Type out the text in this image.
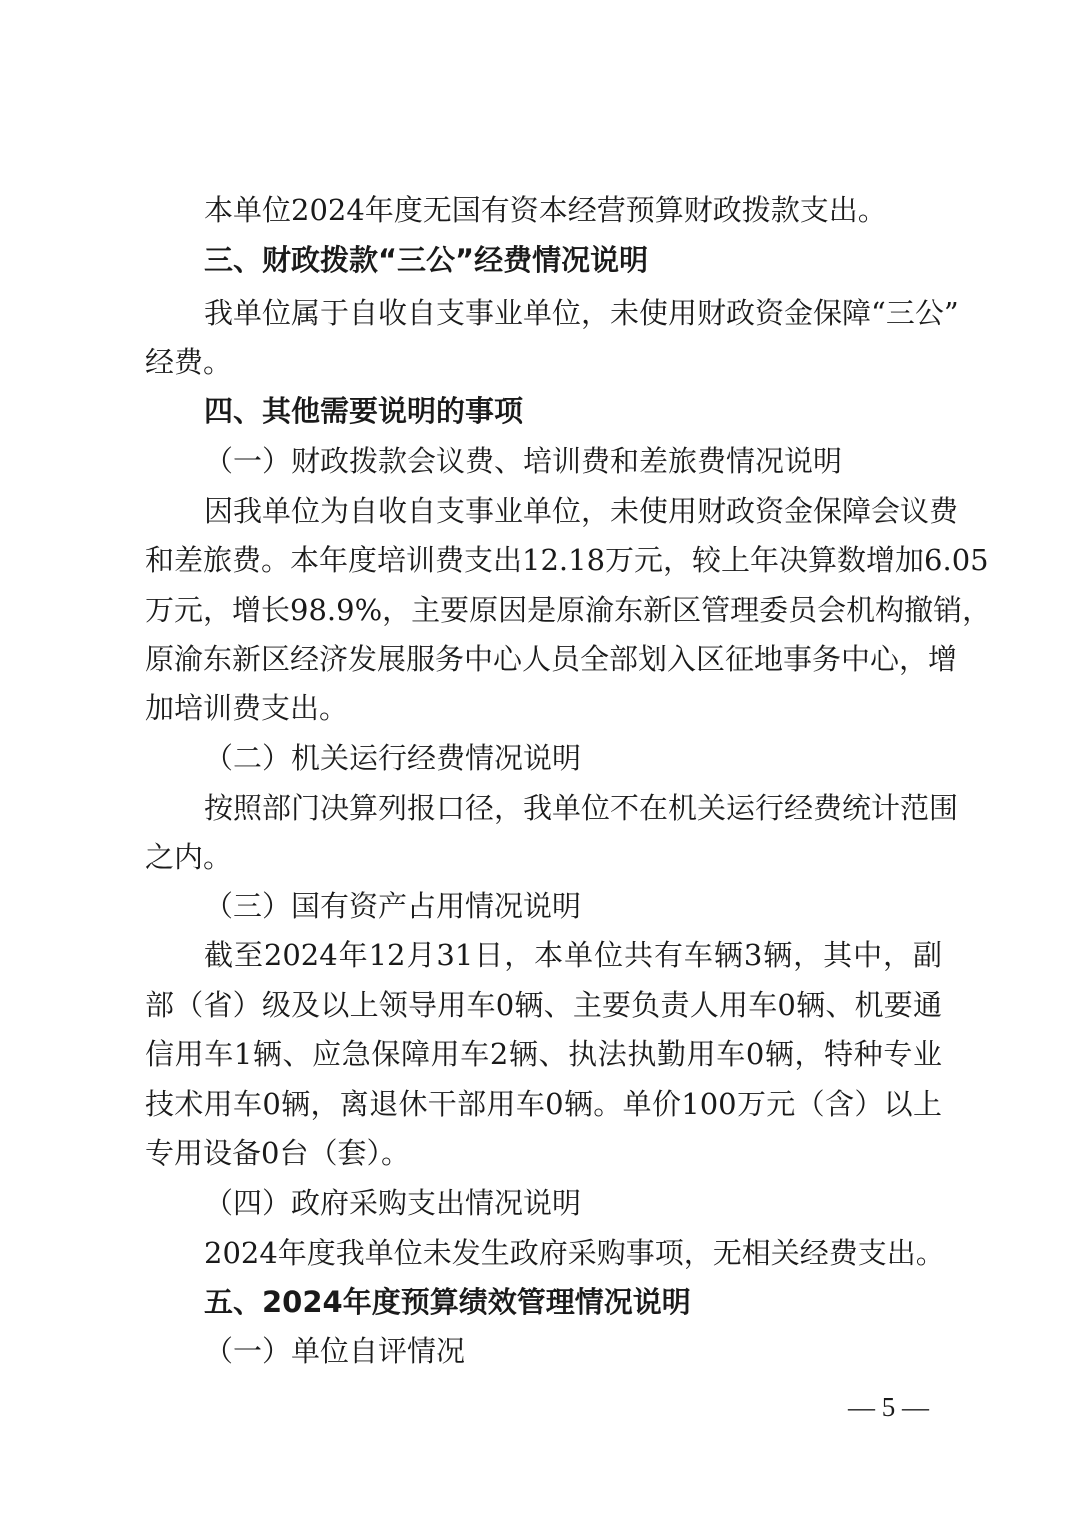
本单位2024年度无国有资本经营预算财政拨款支出。
三、财政拨款“三公”经费情况说明
我单位属于自收自支事业单位，未使用财政资金保障“三公”
经费。
四、其他需要说明的事项
（一）财政拨款会议费、培训费和差旅费情况说明
因我单位为自收自支事业单位，未使用财政资金保障会议费
和差旅费。本年度培训费支出12.18万元，较上年决算数增加6.05
万元，增长98.9%，主要原因是原渝东新区管理委员会机构撤销，
原渝东新区经济发展服务中心人员全部划入区征地事务中心，增
加培训费支出。
（二）机关运行经费情况说明
按照部门决算列报口径，我单位不在机关运行经费统计范围
之内。
（三）国有资产占用情况说明
截至2024年12月31日，本单位共有车辆3辆，其中，副
部（省）级及以上领导用车0辆、主要负责人用车0辆、机要通
信用车1辆、应急保障用车2辆、执法执勤用车0辆，特种专业
技术用车0辆，离退休干部用车0辆。单价100万元（含）以上
专用设备0台（套）。
（四）政府采购支出情况说明
2024年度我单位未发生政府采购事项，无相关经费支出。
五、2024年度预算绩效管理情况说明
（一）单位自评情况
— 5 —
